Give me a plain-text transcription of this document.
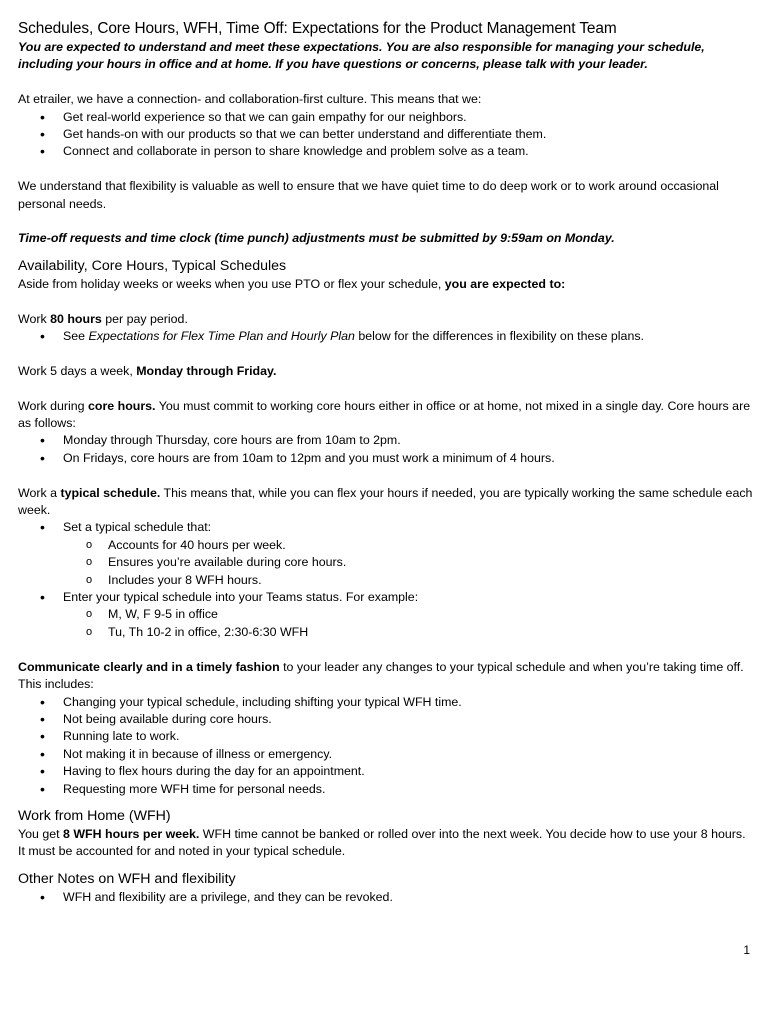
Schedules, Core Hours, WFH, Time Off: Expectations for the Product Management Team

You are expected to understand and meet these expectations. You are also responsible for managing your schedule, including your hours in office and at home. If you have questions or concerns, please talk with your leader.

At etrailer, we have a connection- and collaboration-first culture. This means that we:

• Get real-world experience so that we can gain empathy for our neighbors.
• Get hands-on with our products so that we can better understand and differentiate them.
• Connect and collaborate in person to share knowledge and problem solve as a team.

We understand that flexibility is valuable as well to ensure that we have quiet time to do deep work or to work around occasional personal needs.

Time-off requests and time clock (time punch) adjustments must be submitted by 9:59am on Monday.

Availability, Core Hours, Typical Schedules

Aside from holiday weeks or weeks when you use PTO or flex your schedule, you are expected to:

Work 80 hours per pay period.

• See Expectations for Flex Time Plan and Hourly Plan below for the differences in flexibility on these plans.

Work 5 days a week, Monday through Friday.

Work during core hours. You must commit to working core hours either in office or at home, not mixed in a single day. Core hours are as follows:

• Monday through Thursday, core hours are from 10am to 2pm.
• On Fridays, core hours are from 10am to 12pm and you must work a minimum of 4 hours.

Work a typical schedule. This means that, while you can flex your hours if needed, you are typically working the same schedule each week.

• Set a typical schedule that:
o Accounts for 40 hours per week.
o Ensures you’re available during core hours.
o Includes your 8 WFH hours.
• Enter your typical schedule into your Teams status. For example:
o M, W, F 9-5 in office
o Tu, Th 10-2 in office, 2:30-6:30 WFH

Communicate clearly and in a timely fashion to your leader any changes to your typical schedule and when you’re taking time off. This includes:

• Changing your typical schedule, including shifting your typical WFH time.
• Not being available during core hours.
• Running late to work.
• Not making it in because of illness or emergency.
• Having to flex hours during the day for an appointment.
• Requesting more WFH time for personal needs.
Work from Home (WFH)

You get 8 WFH hours per week. WFH time cannot be banked or rolled over into the next week. You decide how to use your 8 hours. It must be accounted for and noted in your typical schedule.

Other Notes on WFH and flexibility
• WFH and flexibility are a privilege, and they can be revoked.
1
